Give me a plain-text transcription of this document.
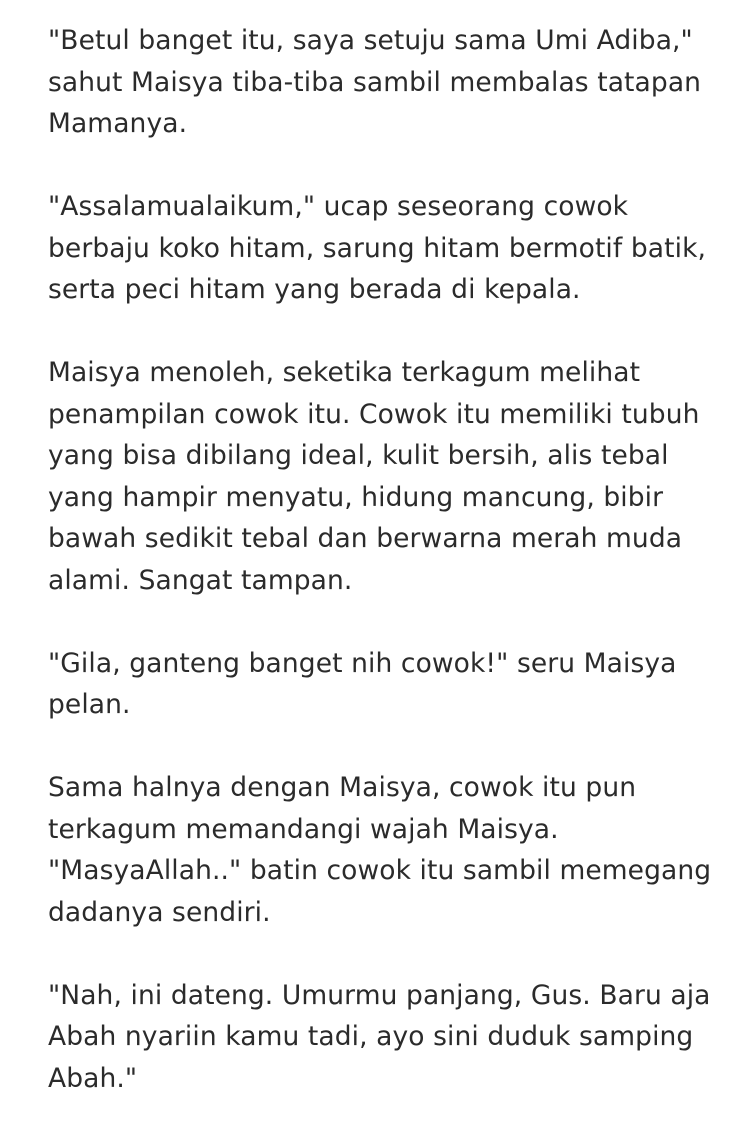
"Betul banget itu, saya setuju sama Umi Adiba,"
sahut Maisya tiba-tiba sambil membalas tatapan
Mamanya.

"Assalamualaikum," ucap seseorang cowok
berbaju koko hitam, sarung hitam bermotif batik,
serta peci hitam yang berada di kepala.

Maisya menoleh, seketika terkagum melihat
penampilan cowok itu. Cowok itu memiliki tubuh
yang bisa dibilang ideal, kulit bersih, alis tebal
yang hampir menyatu, hidung mancung, bibir
bawah sedikit tebal dan berwarna merah muda
alami. Sangat tampan.

"Gila, ganteng banget nih cowok!" seru Maisya
pelan.

Sama halnya dengan Maisya, cowok itu pun
terkagum memandangi wajah Maisya.
"MasyaAllah.." batin cowok itu sambil memegang
dadanya sendiri.

"Nah, ini dateng. Umurmu panjang, Gus. Baru aja
Abah nyariin kamu tadi, ayo sini duduk samping
Abah."
